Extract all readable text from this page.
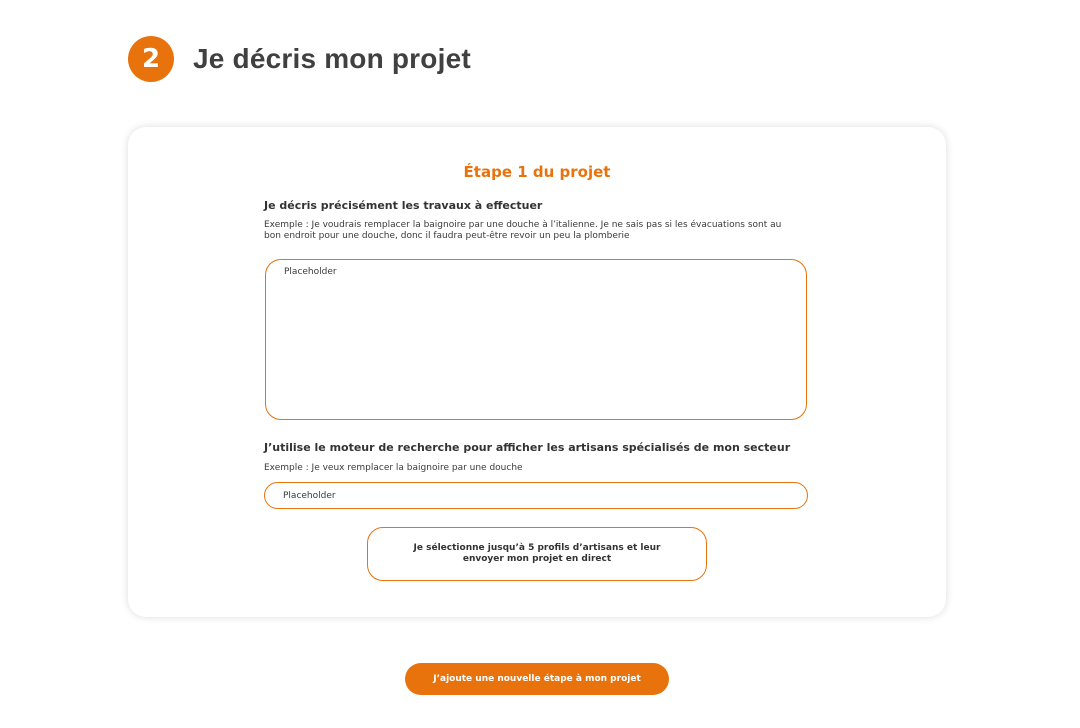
2	Je décris mon projet
Étape 1 du projet
Je décris précisément les travaux à effectuer
Exemple : Je voudrais remplacer la baignoire par une douche à l’italienne. Je ne sais pas si les évacuations sont au
bon endroit pour une douche, donc il faudra peut-être revoir un peu la plomberie
Placeholder
J’utilise le moteur de recherche pour afficher les artisans spécialisés de mon secteur
Exemple : Je veux remplacer la baignoire par une douche
Placeholder
Je sélectionne jusqu’à 5 profils d’artisans et leur envoyer mon projet en direct
J’ajoute une nouvelle étape à mon projet
